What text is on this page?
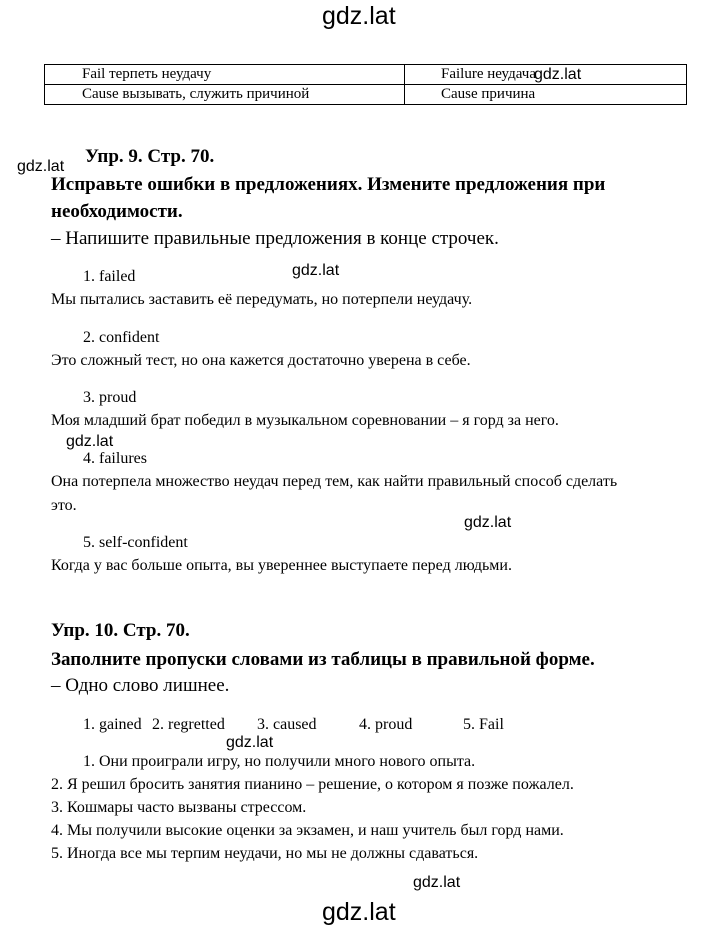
gdz.lat
gdz.lat
gdz.lat
gdz.lat
gdz.lat
gdz.lat
gdz.lat
gdz.lat
gdz.lat
Fail терпеть неудачу	Failure неудача
Cause вызывать, служить причиной	Cause причина
Упр. 9. Стр. 70.
Исправьте ошибки в предложениях. Измените предложения при
необходимости.
– Напишите правильные предложения в конце строчек.
1. failed
Мы пытались заставить её передумать, но потерпели неудачу.
2. confident
Это сложный тест, но она кажется достаточно уверена в себе.
3. proud
Моя младший брат победил в музыкальном соревновании – я горд за него.
4. failures
Она потерпела множество неудач перед тем, как найти правильный способ сделать
это.
5. self-confident
Когда у вас больше опыта, вы увереннее выступаете перед людьми.
Упр. 10. Стр. 70.
Заполните пропуски словами из таблицы в правильной форме.
– Одно слово лишнее.
1. gained 2. regretted 3. caused	4. proud	5. Fail
1. Они проиграли игру, но получили много нового опыта.
2. Я решил бросить занятия пианино – решение, о котором я позже пожалел.
3. Кошмары часто вызваны стрессом.
4. Мы получили высокие оценки за экзамен, и наш учитель был горд нами.
5. Иногда все мы терпим неудачи, но мы не должны сдаваться.
